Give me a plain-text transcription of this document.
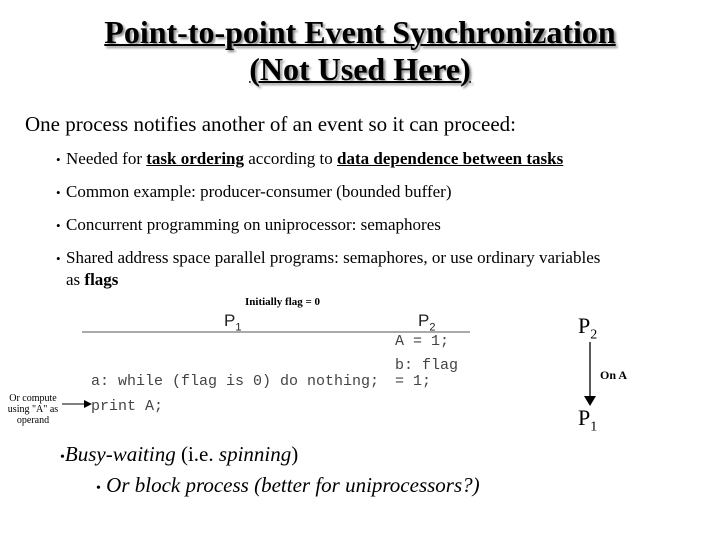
Point-to-point Event Synchronization
(Not Used Here)
One process notifies another of an event so it can proceed:
• Needed for task ordering according to data dependence between tasks
• Common example: producer-consumer (bounded buffer)
• Concurrent programming on uniprocessor: semaphores
• Shared address space parallel programs: semaphores, or use ordinary variables
as flags
Initially flag = 0
$P_1$	$P_2$
A = 1;
b: flag
= 1;
a: while (flag is 0) do nothing;
print A;
Or compute using "A" as operand
$P_2$
On A
$P_1$
•Busy-waiting (i.e. spinning)
• Or block process (better for uniprocessors?)
